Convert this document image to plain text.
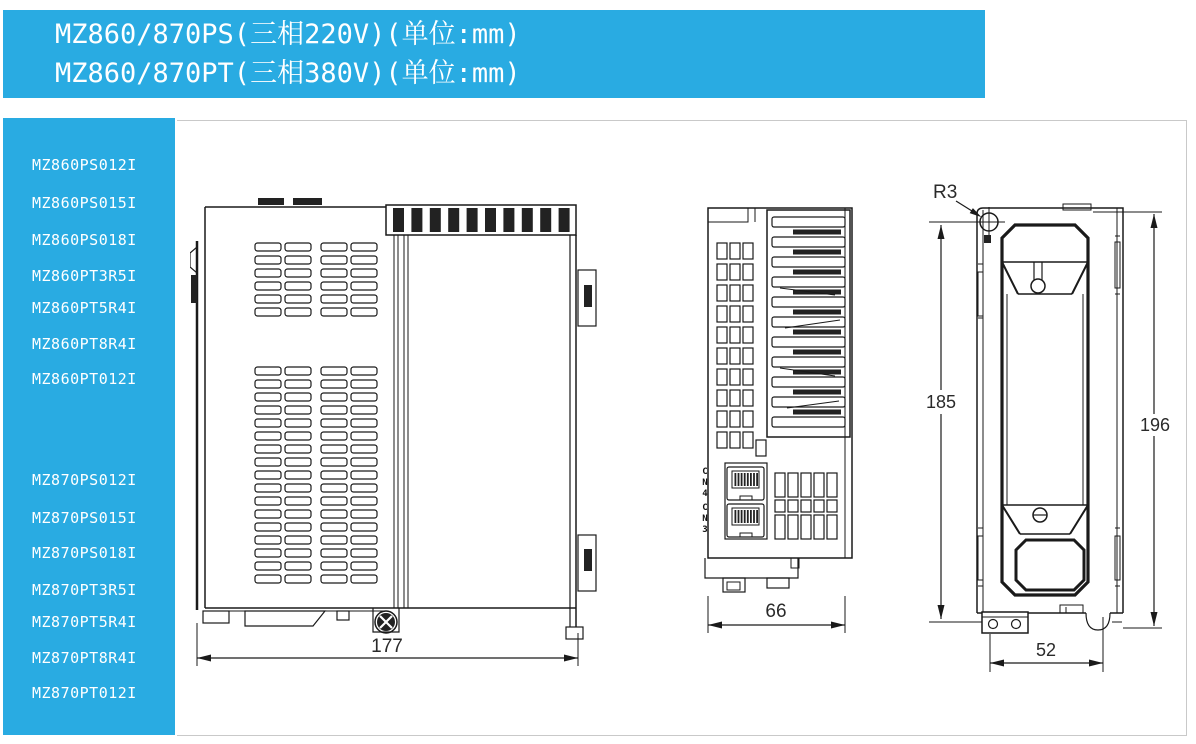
MZ860/870PS(三相220V)(单位:mm)
MZ860/870PT(三相380V)(单位:mm)
MZ860PS012I
MZ860PS015I
MZ860PS018I
MZ860PT3R5I
MZ860PT5R4I
MZ860PT8R4I
MZ860PT012I
MZ870PS012I
MZ870PS015I
MZ870PS018I
MZ870PT3R5I
MZ870PT5R4I
MZ870PT8R4I
MZ870PT012I
177
66
CN4
CN3
R3
185
196
52
